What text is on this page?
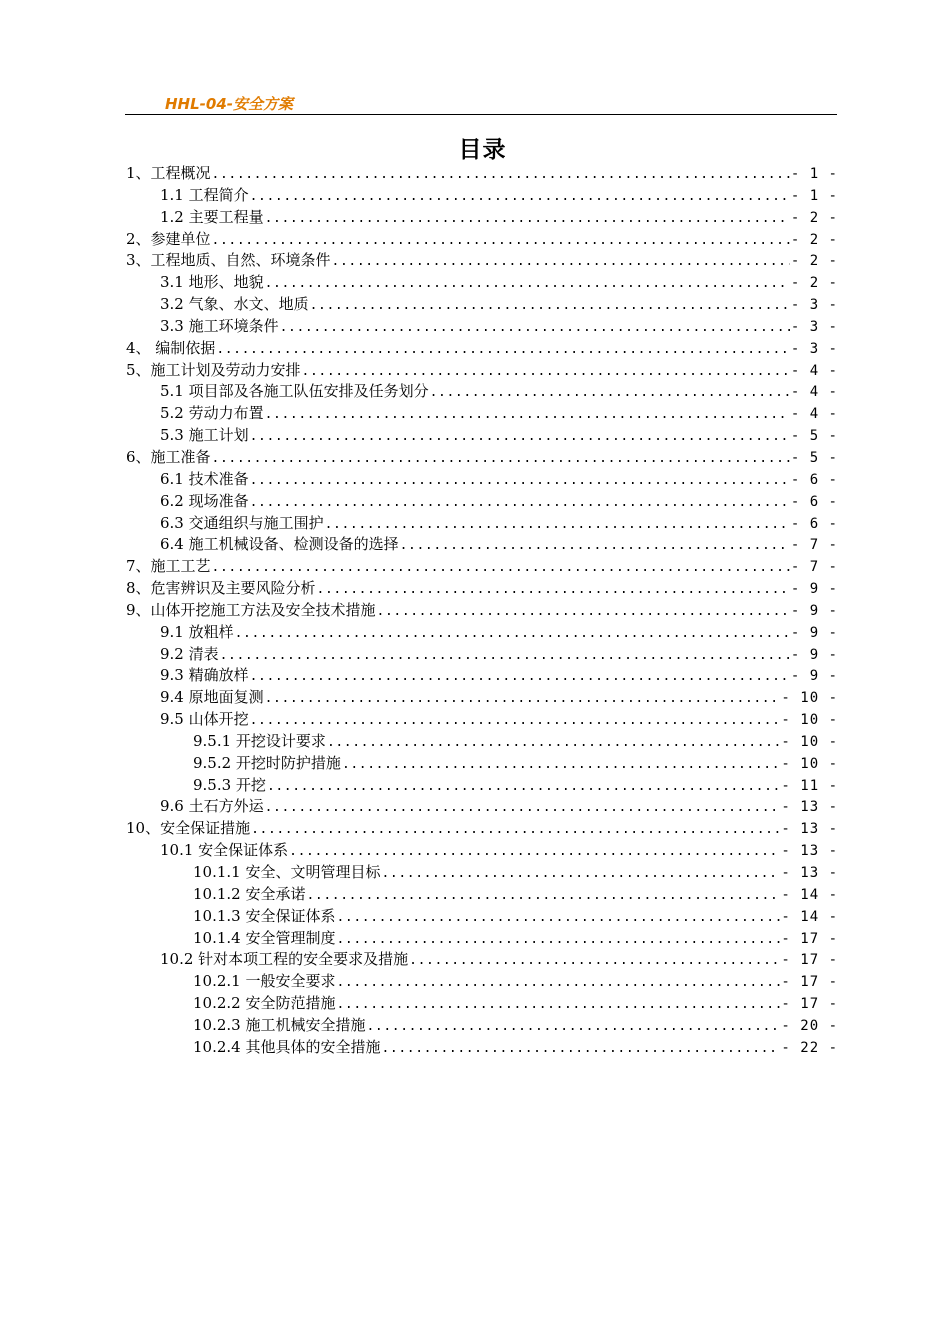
HHL-04-安全方案
目录
1、工程概况 .....	- 1 -
1.1 工程简介 .....	- 1 -
1.2 主要工程量 .....	- 2 -
2、参建单位 .....	- 2 -
3、工程地质、自然、环境条件 .....	- 2 -
3.1 地形、地貌 .....	- 2 -
3.2 气象、水文、地质 .....	- 3 -
3.3 施工环境条件 .....	- 3 -
4、 编制依据 .....	- 3 -
5、施工计划及劳动力安排 .....	- 4 -
5.1 项目部及各施工队伍安排及任务划分 .....	- 4 -
5.2 劳动力布置 .....	- 4 -
5.3 施工计划 .....	- 5 -
6、施工准备 .....	- 5 -
6.1 技术准备 .....	- 6 -
6.2 现场准备 .....	- 6 -
6.3 交通组织与施工围护 .....	- 6 -
6.4 施工机械设备、检测设备的选择 .....	- 7 -
7、施工工艺 .....	- 7 -
8、危害辨识及主要风险分析 .....	- 9 -
9、山体开挖施工方法及安全技术措施 .....	- 9 -
9.1 放粗样 .....	- 9 -
9.2 清表 .....	- 9 -
9.3 精确放样 .....	- 9 -
9.4 原地面复测 .....	- 10 -
9.5 山体开挖 .....	- 10 -
9.5.1 开挖设计要求 .....	- 10 -
9.5.2 开挖时防护措施 .....	- 10 -
9.5.3 开挖 .....	- 11 -
9.6 土石方外运 .....	- 13 -
10、安全保证措施 .....	- 13 -
10.1 安全保证体系 .....	- 13 -
10.1.1 安全、文明管理目标 .....	- 13 -
10.1.2 安全承诺 .....	- 14 -
10.1.3 安全保证体系 .....	- 14 -
10.1.4 安全管理制度 .....	- 17 -
10.2 针对本项工程的安全要求及措施 .....	- 17 -
10.2.1 一般安全要求 .....	- 17 -
10.2.2 安全防范措施 .....	- 17 -
10.2.3 施工机械安全措施 .....	- 20 -
10.2.4 其他具体的安全措施 .....	- 22 -
